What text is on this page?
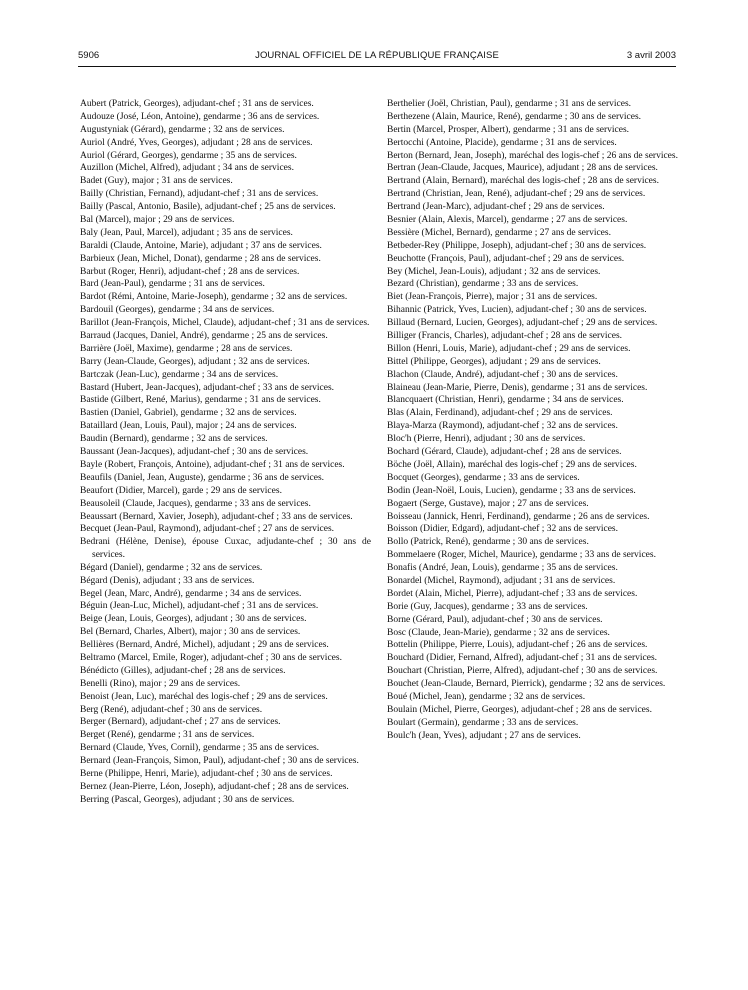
5906	JOURNAL OFFICIEL DE LA RÉPUBLIQUE FRANÇAISE	3 avril 2003

Aubert (Patrick, Georges), adjudant-chef ; 31 ans de services.

Audouze (José, Léon, Antoine), gendarme ; 36 ans de services.

Augustyniak (Gérard), gendarme ; 32 ans de services.

Auriol (André, Yves, Georges), adjudant ; 28 ans de services.

Auriol (Gérard, Georges), gendarme ; 35 ans de services.

Auzillon (Michel, Alfred), adjudant ; 34 ans de services.

Badet (Guy), major ; 31 ans de services.

Bailly (Christian, Fernand), adjudant-chef ; 31 ans de services.

Bailly (Pascal, Antonio, Basile), adjudant-chef ; 25 ans de services.

Bal (Marcel), major ; 29 ans de services.

Baly (Jean, Paul, Marcel), adjudant ; 35 ans de services.

Baraldi (Claude, Antoine, Marie), adjudant ; 37 ans de services.

Barbieux (Jean, Michel, Donat), gendarme ; 28 ans de services.

Barbut (Roger, Henri), adjudant-chef ; 28 ans de services.

Bard (Jean-Paul), gendarme ; 31 ans de services.

Bardot (Rémi, Antoine, Marie-Joseph), gendarme ; 32 ans de services.

Bardouil (Georges), gendarme ; 34 ans de services.

Barillot (Jean-François, Michel, Claude), adjudant-chef ; 31 ans de services.

Barraud (Jacques, Daniel, André), gendarme ; 25 ans de services.

Barrière (Joël, Maxime), gendarme ; 28 ans de services.

Barry (Jean-Claude, Georges), adjudant ; 32 ans de services.

Bartczak (Jean-Luc), gendarme ; 34 ans de services.

Bastard (Hubert, Jean-Jacques), adjudant-chef ; 33 ans de services.

Bastide (Gilbert, René, Marius), gendarme ; 31 ans de services.

Bastien (Daniel, Gabriel), gendarme ; 32 ans de services.

Bataillard (Jean, Louis, Paul), major ; 24 ans de services.

Baudin (Bernard), gendarme ; 32 ans de services.

Baussant (Jean-Jacques), adjudant-chef ; 30 ans de services.

Bayle (Robert, François, Antoine), adjudant-chef ; 31 ans de services.

Beaufils (Daniel, Jean, Auguste), gendarme ; 36 ans de services.

Beaufort (Didier, Marcel), garde ; 29 ans de services.

Beausoleil (Claude, Jacques), gendarme ; 33 ans de services.

Beaussart (Bernard, Xavier, Joseph), adjudant-chef ; 33 ans de services.

Becquet (Jean-Paul, Raymond), adjudant-chef ; 27 ans de services.

Bedrani (Hélène, Denise), épouse Cuxac, adjudante-chef ; 30 ans de services.

Bégard (Daniel), gendarme ; 32 ans de services.

Bégard (Denis), adjudant ; 33 ans de services.

Begel (Jean, Marc, André), gendarme ; 34 ans de services.

Béguin (Jean-Luc, Michel), adjudant-chef ; 31 ans de services.

Beige (Jean, Louis, Georges), adjudant ; 30 ans de services.

Bel (Bernard, Charles, Albert), major ; 30 ans de services.

Bellières (Bernard, André, Michel), adjudant ; 29 ans de services.

Beltramo (Marcel, Emile, Roger), adjudant-chef ; 30 ans de services.

Bénédicto (Gilles), adjudant-chef ; 28 ans de services.

Benelli (Rino), major ; 29 ans de services.

Benoist (Jean, Luc), maréchal des logis-chef ; 29 ans de services.

Berg (René), adjudant-chef ; 30 ans de services.

Berger (Bernard), adjudant-chef ; 27 ans de services.

Berget (René), gendarme ; 31 ans de services.

Bernard (Claude, Yves, Cornil), gendarme ; 35 ans de services.

Bernard (Jean-François, Simon, Paul), adjudant-chef ; 30 ans de services.

Berne (Philippe, Henri, Marie), adjudant-chef ; 30 ans de services.

Bernez (Jean-Pierre, Léon, Joseph), adjudant-chef ; 28 ans de services.

Berring (Pascal, Georges), adjudant ; 30 ans de services.

Berthelier (Joël, Christian, Paul), gendarme ; 31 ans de services.

Berthezene (Alain, Maurice, René), gendarme ; 30 ans de services.

Bertin (Marcel, Prosper, Albert), gendarme ; 31 ans de services.

Bertocchi (Antoine, Placide), gendarme ; 31 ans de services.

Berton (Bernard, Jean, Joseph), maréchal des logis-chef ; 26 ans de services.

Bertran (Jean-Claude, Jacques, Maurice), adjudant ; 28 ans de services.

Bertrand (Alain, Bernard), maréchal des logis-chef ; 28 ans de services.

Bertrand (Christian, Jean, René), adjudant-chef ; 29 ans de services.

Bertrand (Jean-Marc), adjudant-chef ; 29 ans de services.

Besnier (Alain, Alexis, Marcel), gendarme ; 27 ans de services.

Bessière (Michel, Bernard), gendarme ; 27 ans de services.

Betbeder-Rey (Philippe, Joseph), adjudant-chef ; 30 ans de services.

Beuchotte (François, Paul), adjudant-chef ; 29 ans de services.

Bey (Michel, Jean-Louis), adjudant ; 32 ans de services.

Bezard (Christian), gendarme ; 33 ans de services.

Biet (Jean-François, Pierre), major ; 31 ans de services.

Bihannic (Patrick, Yves, Lucien), adjudant-chef ; 30 ans de services.

Billaud (Bernard, Lucien, Georges), adjudant-chef ; 29 ans de services.

Billiger (Francis, Charles), adjudant-chef ; 28 ans de services.

Billon (Henri, Louis, Marie), adjudant-chef ; 29 ans de services.

Bittel (Philippe, Georges), adjudant ; 29 ans de services.

Blachon (Claude, André), adjudant-chef ; 30 ans de services.

Blaineau (Jean-Marie, Pierre, Denis), gendarme ; 31 ans de services.

Blancquaert (Christian, Henri), gendarme ; 34 ans de services.

Blas (Alain, Ferdinand), adjudant-chef ; 29 ans de services.

Blaya-Marza (Raymond), adjudant-chef ; 32 ans de services.

Bloc'h (Pierre, Henri), adjudant ; 30 ans de services.

Bochard (Gérard, Claude), adjudant-chef ; 28 ans de services.

Böche (Joël, Allain), maréchal des logis-chef ; 29 ans de services.

Bocquet (Georges), gendarme ; 33 ans de services.

Bodin (Jean-Noël, Louis, Lucien), gendarme ; 33 ans de services.

Bogaert (Serge, Gustave), major ; 27 ans de services.

Boisseau (Jannick, Henri, Ferdinand), gendarme ; 26 ans de services.

Boisson (Didier, Edgard), adjudant-chef ; 32 ans de services.

Bollo (Patrick, René), gendarme ; 30 ans de services.

Bommelaere (Roger, Michel, Maurice), gendarme ; 33 ans de services.

Bonafis (André, Jean, Louis), gendarme ; 35 ans de services.

Bonardel (Michel, Raymond), adjudant ; 31 ans de services.

Bordet (Alain, Michel, Pierre), adjudant-chef ; 33 ans de services.

Borie (Guy, Jacques), gendarme ; 33 ans de services.

Borne (Gérard, Paul), adjudant-chef ; 30 ans de services.

Bosc (Claude, Jean-Marie), gendarme ; 32 ans de services.

Bottelin (Philippe, Pierre, Louis), adjudant-chef ; 26 ans de services.

Bouchard (Didier, Fernand, Alfred), adjudant-chef ; 31 ans de services.

Bouchart (Christian, Pierre, Alfred), adjudant-chef ; 30 ans de services.

Bouchet (Jean-Claude, Bernard, Pierrick), gendarme ; 32 ans de services.

Boué (Michel, Jean), gendarme ; 32 ans de services.

Boulain (Michel, Pierre, Georges), adjudant-chef ; 28 ans de services.

Boulart (Germain), gendarme ; 33 ans de services.

Boulc'h (Jean, Yves), adjudant ; 27 ans de services.
